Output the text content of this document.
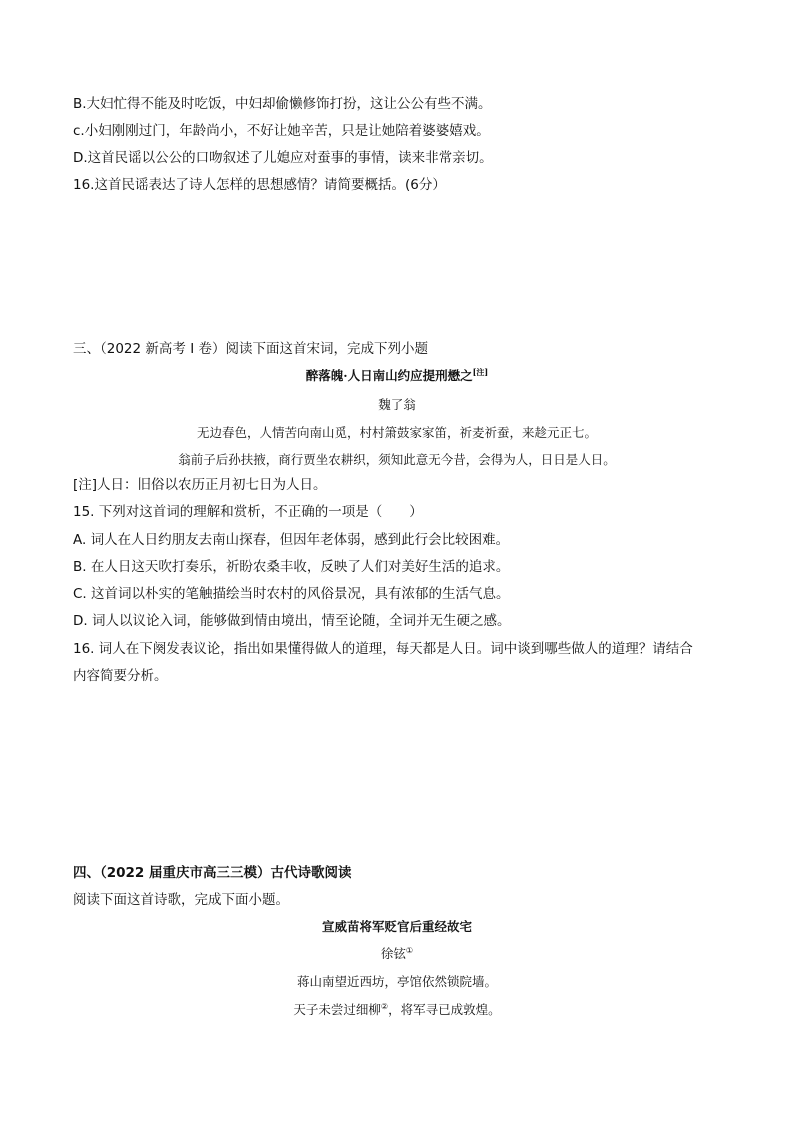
B.大妇忙得不能及时吃饭，中妇却偷懒修饰打扮，这让公公有些不满。
c.小妇刚刚过门，年龄尚小，不好让她辛苦，只是让她陪着婆婆嬉戏。
D.这首民谣以公公的口吻叙述了儿媳应对蚕事的事情，读来非常亲切。
16.这首民谣表达了诗人怎样的思想感情？请简要概括。(6分）
三、（2022 新高考 I 卷）阅读下面这首宋词，完成下列小题
醉落魄·人日南山约应提刑懋之[注]
魏了翁
无边春色，人情苦向南山觅，村村箫鼓家家笛，祈麦祈蚕，来趁元正七。
翁前子后孙扶掖，商行贾坐农耕织，须知此意无今昔，会得为人，日日是人日。
[注]人日：旧俗以农历正月初七日为人日。
15. 下列对这首词的理解和赏析，不正确的一项是（　　）
A. 词人在人日约朋友去南山探春，但因年老体弱，感到此行会比较困难。
B. 在人日这天吹打奏乐，祈盼农桑丰收，反映了人们对美好生活的追求。
C. 这首词以朴实的笔触描绘当时农村的风俗景况，具有浓郁的生活气息。
D. 词人以议论入词，能够做到情由境出，情至论随，全词并无生硬之感。
16. 词人在下阕发表议论，指出如果懂得做人的道理，每天都是人日。词中谈到哪些做人的道理？请结合
内容简要分析。
四、（2022 届重庆市高三三模）古代诗歌阅读
阅读下面这首诗歌，完成下面小题。
宣威苗将军贬官后重经故宅
徐铉①
蒋山南望近西坊，亭馆依然锁院墙。
天子未尝过细柳②，将军寻已成敦煌。
